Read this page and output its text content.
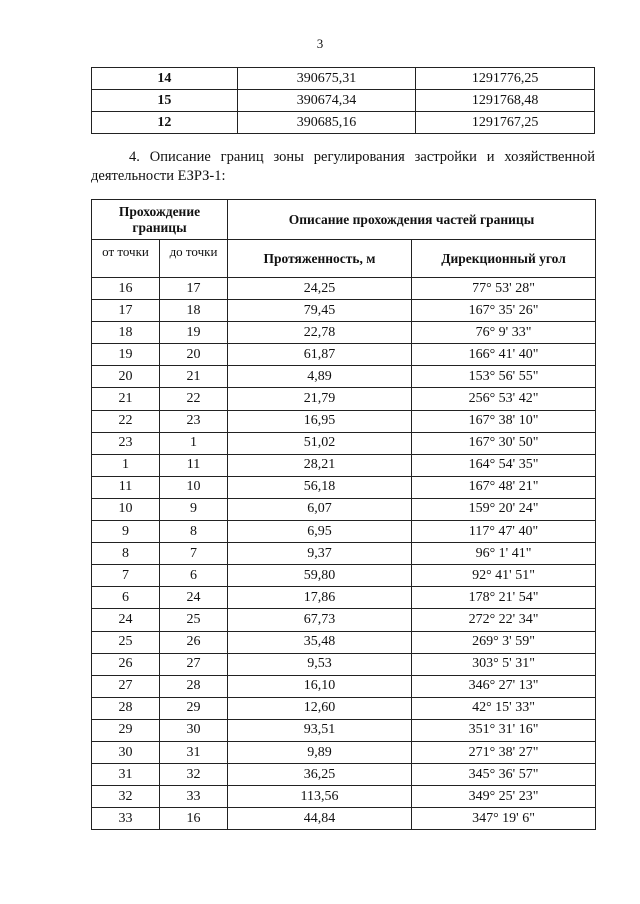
3
14	390675,31	1291776,25
15	390674,34	1291768,48
12	390685,16	1291767,25
4. Описание границ зоны регулирования застройки и хозяйственной деятельности ЕЗРЗ-1:
Прохождение границы		Описание прохождения частей границы	
от точки	до точки	Протяженность, м	Дирекционный угол
16	17	24,25	77° 53' 28"
17	18	79,45	167° 35' 26"
18	19	22,78	76° 9' 33"
19	20	61,87	166° 41' 40"
20	21	4,89	153° 56' 55"
21	22	21,79	256° 53' 42"
22	23	16,95	167° 38' 10"
23	1	51,02	167° 30' 50"
1	11	28,21	164° 54' 35"
11	10	56,18	167° 48' 21"
10	9	6,07	159° 20' 24"
9	8	6,95	117° 47' 40"
8	7	9,37	96° 1' 41"
7	6	59,80	92° 41' 51"
6	24	17,86	178° 21' 54"
24	25	67,73	272° 22' 34"
25	26	35,48	269° 3' 59"
26	27	9,53	303° 5' 31"
27	28	16,10	346° 27' 13"
28	29	12,60	42° 15' 33"
29	30	93,51	351° 31' 16"
30	31	9,89	271° 38' 27"
31	32	36,25	345° 36' 57"
32	33	113,56	349° 25' 23"
33	16	44,84	347° 19' 6"
